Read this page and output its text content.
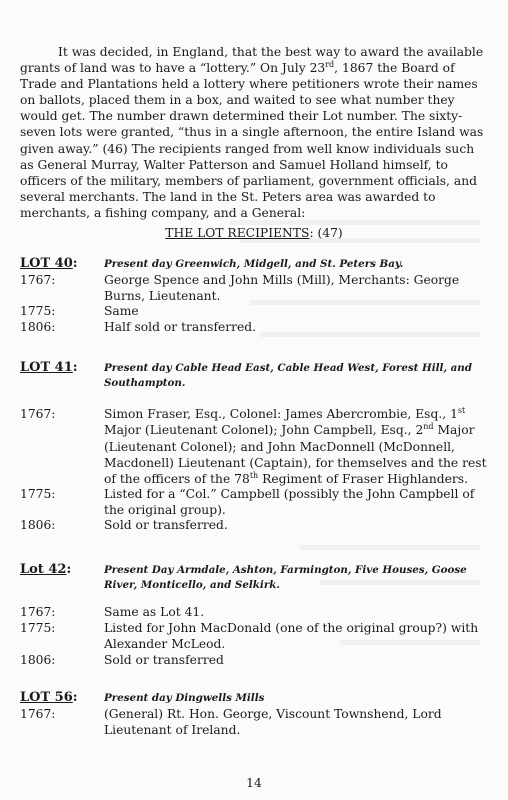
It was decided, in England, that the best way to award the available grants of land was to have a “lottery.” On July 23rd, 1867 the Board of Trade and Plantations held a lottery where petitioners wrote their names on ballots, placed them in a box, and waited to see what number they would get. The number drawn determined their Lot number. The sixty-seven lots were granted, “thus in a single afternoon, the entire Island was given away.” (46) The recipients ranged from well know individuals such as General Murray, Walter Patterson and Samuel Holland himself, to officers of the military, members of parliament, government officials, and several merchants. The land in the St. Peters area was awarded to merchants, a fishing company, and a General:

THE LOT RECIPIENTS: (47)
LOT 40:	Present day Greenwich, Midgell, and St. Peters Bay.
1767:	George Spence and John Mills (Mill), Merchants: George Burns, Lieutenant.
1775:	Same
1806:	Half sold or transferred.
LOT 41:	Present day Cable Head East, Cable Head West, Forest Hill, and Southampton.
1767:	Simon Fraser, Esq., Colonel: James Abercrombie, Esq., 1st Major (Lieutenant Colonel); John Campbell, Esq., 2nd Major (Lieutenant Colonel); and John MacDonnell (McDonnell, Macdonell) Lieutenant (Captain), for themselves and the rest of the officers of the 78th Regiment of Fraser Highlanders.
1775:	Listed for a “Col.” Campbell (possibly the John Campbell of the original group).
1806:	Sold or transferred.
Lot 42:	Present Day Armdale, Ashton, Farmington, Five Houses, Goose River, Monticello, and Selkirk.
1767:	Same as Lot 41.
1775:	Listed for John MacDonald (one of the original group?) with Alexander McLeod.
1806:	Sold or transferred
LOT 56:	Present day Dingwells Mills
1767:	(General) Rt. Hon. George, Viscount Townshend, Lord Lieutenant of Ireland.
14
